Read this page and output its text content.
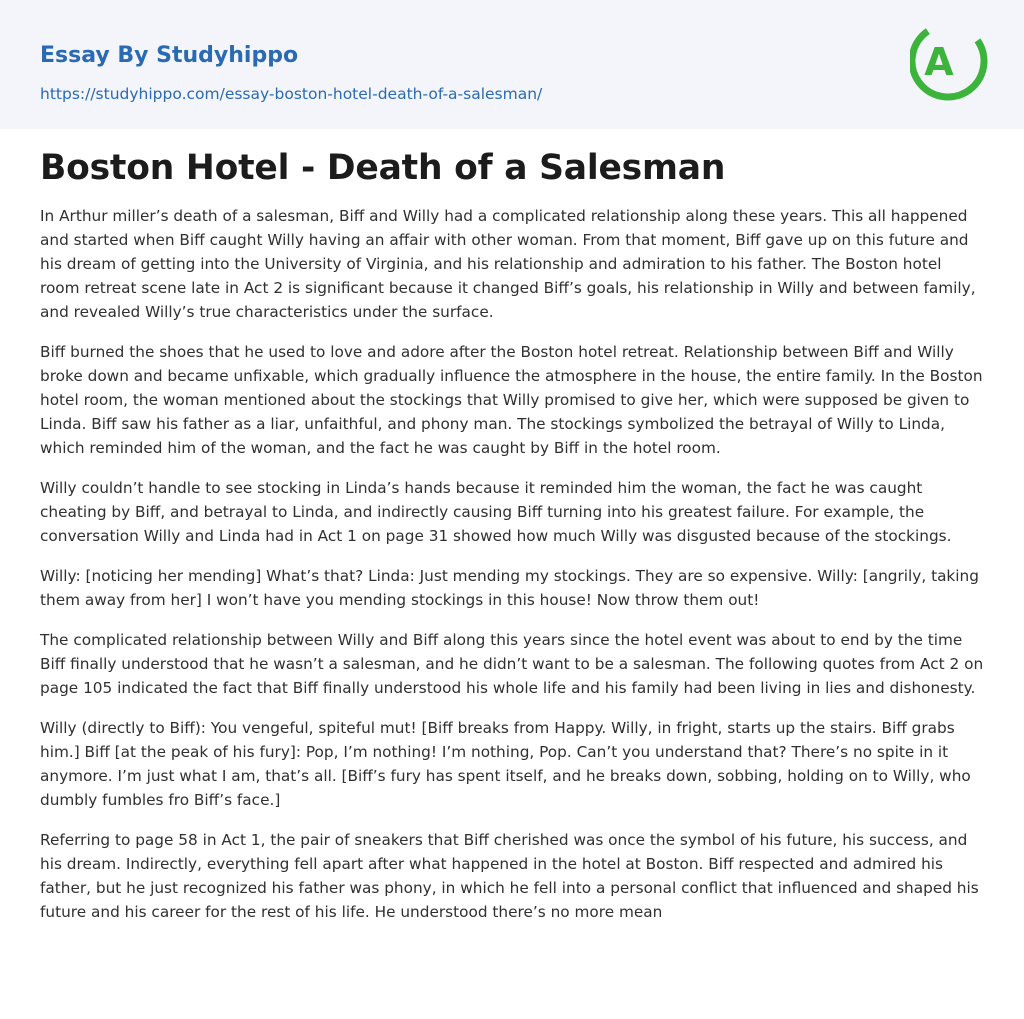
Essay By Studyhippo
https://studyhippo.com/essay-boston-hotel-death-of-a-salesman/
A
Boston Hotel - Death of a Salesman

In Arthur miller’s death of a salesman, Biff and Willy had a complicated relationship along these years. This all happened and started when Biff caught Willy having an affair with other woman. From that moment, Biff gave up on this future and his dream of getting into the University of Virginia, and his relationship and admiration to his father. The Boston hotel room retreat scene late in Act 2 is significant because it changed Biff’s goals, his relationship in Willy and between family, and revealed Willy’s true characteristics under the surface.

Biff burned the shoes that he used to love and adore after the Boston hotel retreat. Relationship between Biff and Willy broke down and became unfixable, which gradually influence the atmosphere in the house, the entire family. In the Boston hotel room, the woman mentioned about the stockings that Willy promised to give her, which were supposed be given to Linda. Biff saw his father as a liar, unfaithful, and phony man. The stockings symbolized the betrayal of Willy to Linda, which reminded him of the woman, and the fact he was caught by Biff in the hotel room.

Willy couldn’t handle to see stocking in Linda’s hands because it reminded him the woman, the fact he was caught cheating by Biff, and betrayal to Linda, and indirectly causing Biff turning into his greatest failure. For example, the conversation Willy and Linda had in Act 1 on page 31 showed how much Willy was disgusted because of the stockings.

Willy: [noticing her mending] What’s that? Linda: Just mending my stockings. They are so expensive. Willy: [angrily, taking them away from her] I won’t have you mending stockings in this house! Now throw them out!

The complicated relationship between Willy and Biff along this years since the hotel event was about to end by the time Biff finally understood that he wasn’t a salesman, and he didn’t want to be a salesman. The following quotes from Act 2 on page 105 indicated the fact that Biff finally understood his whole life and his family had been living in lies and dishonesty.

Willy (directly to Biff): You vengeful, spiteful mut! [Biff breaks from Happy. Willy, in fright, starts up the stairs. Biff grabs him.] Biff [at the peak of his fury]: Pop, I’m nothing! I’m nothing, Pop. Can’t you understand that? There’s no spite in it anymore. I’m just what I am, that’s all. [Biff’s fury has spent itself, and he breaks down, sobbing, holding on to Willy, who dumbly fumbles fro Biff’s face.]

Referring to page 58 in Act 1, the pair of sneakers that Biff cherished was once the symbol of his future, his success, and his dream. Indirectly, everything fell apart after what happened in the hotel at Boston. Biff respected and admired his father, but he just recognized his father was phony, in which he fell into a personal conflict that influenced and shaped his future and his career for the rest of his life. He understood there’s no more mean
